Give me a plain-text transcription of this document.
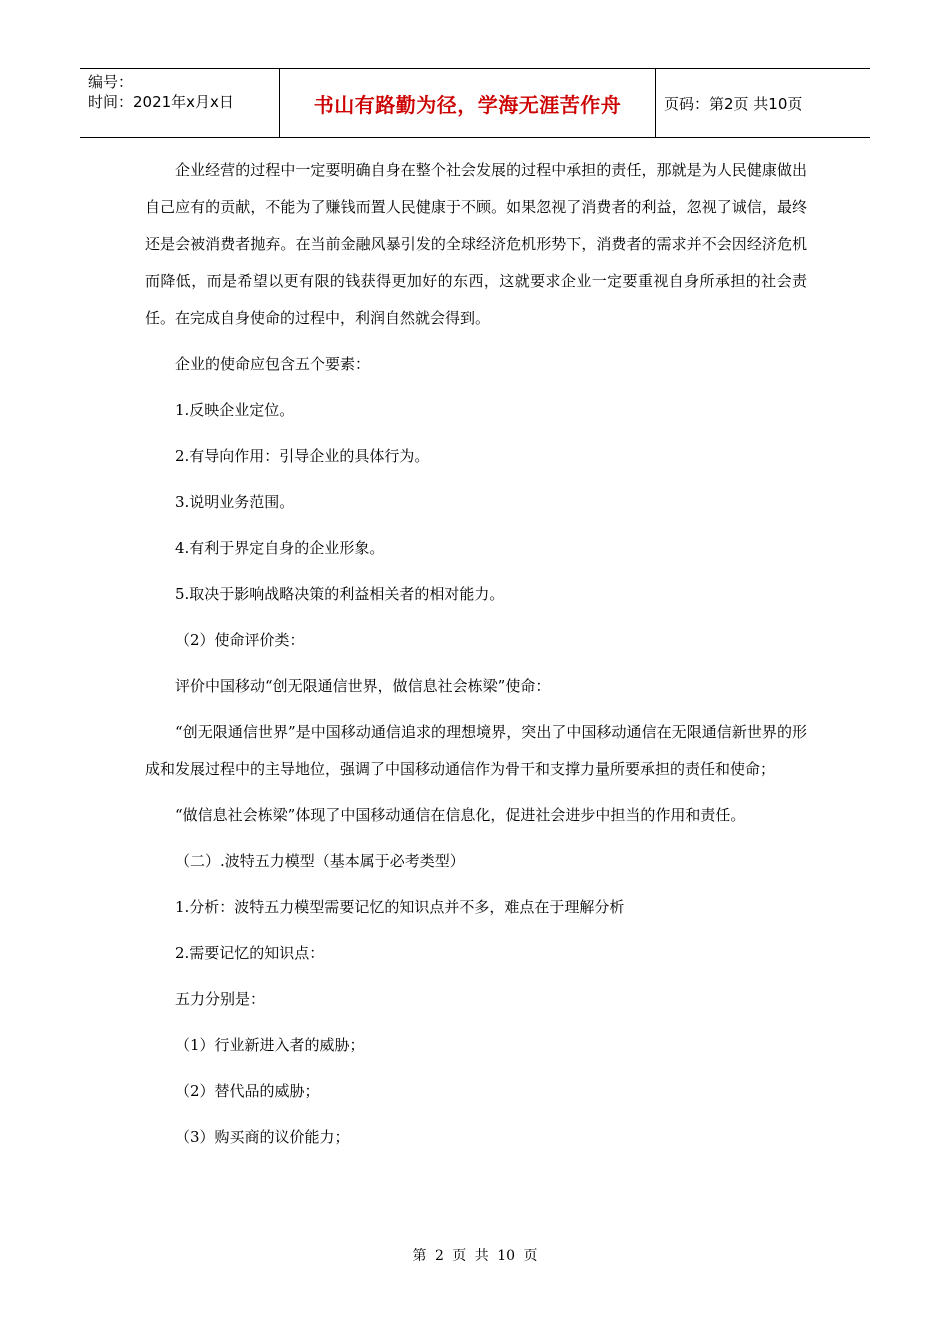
编号：
时间：2021年x月x日	书山有路勤为径，学海无涯苦作舟	页码：第2页 共10页

企业经营的过程中一定要明确自身在整个社会发展的过程中承担的责任，那就是为人民健康做出自己应有的贡献，不能为了赚钱而置人民健康于不顾。如果忽视了消费者的利益，忽视了诚信，最终还是会被消费者抛弃。在当前金融风暴引发的全球经济危机形势下，消费者的需求并不会因经济危机而降低，而是希望以更有限的钱获得更加好的东西，这就要求企业一定要重视自身所承担的社会责任。在完成自身使命的过程中，利润自然就会得到。

企业的使命应包含五个要素：

1.反映企业定位。

2.有导向作用：引导企业的具体行为。

3.说明业务范围。

4.有利于界定自身的企业形象。

5.取决于影响战略决策的利益相关者的相对能力。

（2）使命评价类：

评价中国移动“创无限通信世界，做信息社会栋梁”使命：

“创无限通信世界”是中国移动通信追求的理想境界，突出了中国移动通信在无限通信新世界的形成和发展过程中的主导地位，强调了中国移动通信作为骨干和支撑力量所要承担的责任和使命；

“做信息社会栋梁”体现了中国移动通信在信息化，促进社会进步中担当的作用和责任。

（二）.波特五力模型（基本属于必考类型）

1.分析：波特五力模型需要记忆的知识点并不多，难点在于理解分析

2.需要记忆的知识点：

五力分别是：

（1）行业新进入者的威胁；

（2）替代品的威胁；

（3）购买商的议价能力；

第 2 页 共 10 页
